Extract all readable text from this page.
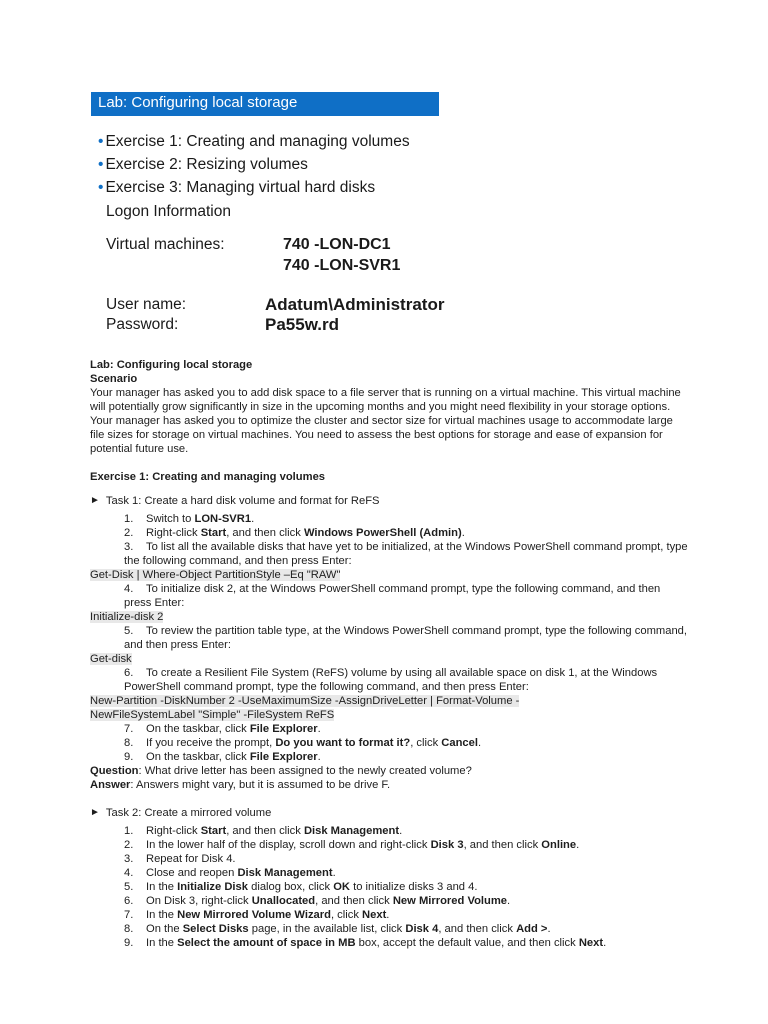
Lab: Configuring local storage
• Exercise 1: Creating and managing volumes
• Exercise 2: Resizing volumes
• Exercise 3: Managing virtual hard disks
Logon Information
Virtual machines:	740 -LON-DC1
740 -LON-SVR1
User name:	Adatum\Administrator
Password:	Pa55w.rd

Lab: Configuring local storage

Scenario

Your manager has asked you to add disk space to a file server that is running on a virtual machine. This virtual machine will potentially grow significantly in size in the upcoming months and you might need flexibility in your storage options. Your manager has asked you to optimize the cluster and sector size for virtual machines usage to accommodate large file sizes for storage on virtual machines. You need to assess the best options for storage and ease of expansion for potential future use.

Exercise 1: Creating and managing volumes

► Task 1: Create a hard disk volume and format for ReFS

1. Switch to LON-SVR1.

2. Right-click Start, and then click Windows PowerShell (Admin).

3. To list all the available disks that have yet to be initialized, at the Windows PowerShell command prompt, type the following command, and then press Enter:

Get-Disk | Where-Object PartitionStyle –Eq "RAW"

4. To initialize disk 2, at the Windows PowerShell command prompt, type the following command, and then press Enter:

Initialize-disk 2

5. To review the partition table type, at the Windows PowerShell command prompt, type the following command, and then press Enter:

Get-disk

6. To create a Resilient File System (ReFS) volume by using all available space on disk 1, at the Windows PowerShell command prompt, type the following command, and then press Enter:

New-Partition -DiskNumber 2 -UseMaximumSize -AssignDriveLetter | Format-Volume -

NewFileSystemLabel "Simple" -FileSystem ReFS

7. On the taskbar, click File Explorer.

8. If you receive the prompt, Do you want to format it?, click Cancel.

9. On the taskbar, click File Explorer.

Question: What drive letter has been assigned to the newly created volume?

Answer: Answers might vary, but it is assumed to be drive F.

► Task 2: Create a mirrored volume

1. Right-click Start, and then click Disk Management.

2. In the lower half of the display, scroll down and right-click Disk 3, and then click Online.

3. Repeat for Disk 4.

4. Close and reopen Disk Management.

5. In the Initialize Disk dialog box, click OK to initialize disks 3 and 4.

6. On Disk 3, right-click Unallocated, and then click New Mirrored Volume.

7. In the New Mirrored Volume Wizard, click Next.

8. On the Select Disks page, in the available list, click Disk 4, and then click Add >.

9. In the Select the amount of space in MB box, accept the default value, and then click Next.
